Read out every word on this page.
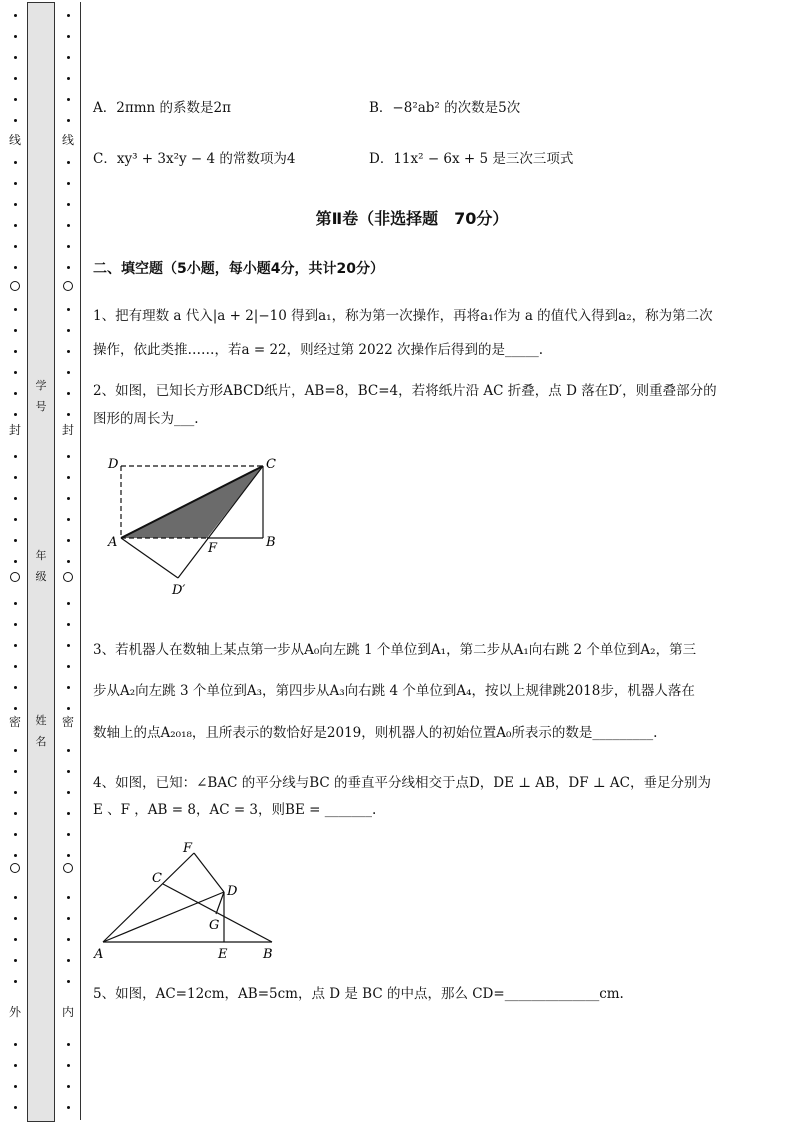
线
封
密
外
学号
年级
姓名
线
封
密
内
A．2πmn 的系数是2π	B．−8²ab² 的次数是5次
C．xy³ + 3x²y − 4 的常数项为4	D．11x² − 6x + 5 是三次三项式
第Ⅱ卷（非选择题　70分）
二、填空题（5小题，每小题4分，共计20分）
1、把有理数 a 代入|a + 2|−10 得到a₁，称为第一次操作，再将a₁作为 a 的值代入得到a₂，称为第二次
操作，依此类推……，若a = 22，则经过第 2022 次操作后得到的是_____.
2、如图，已知长方形ABCD纸片，AB=8，BC=4，若将纸片沿 AC 折叠，点 D 落在D′，则重叠部分的
图形的周长为___.
D	C
A	F	B
D′
3、若机器人在数轴上某点第一步从A₀向左跳 1 个单位到A₁，第二步从A₁向右跳 2 个单位到A₂，第三
步从A₂向左跳 3 个单位到A₃，第四步从A₃向右跳 4 个单位到A₄，按以上规律跳2018步，机器人落在
数轴上的点A₂₀₁₈，且所表示的数恰好是2019，则机器人的初始位置A₀所表示的数是_________.
4、如图，已知：∠BAC 的平分线与BC 的垂直平分线相交于点D，DE ⊥ AB，DF ⊥ AC，垂足分别为
E 、F ，AB = 8，AC = 3，则BE = _______.
F
C
D
G
A	E	B
5、如图，AC=12cm，AB=5cm，点 D 是 BC 的中点，那么 CD=______________cm.
